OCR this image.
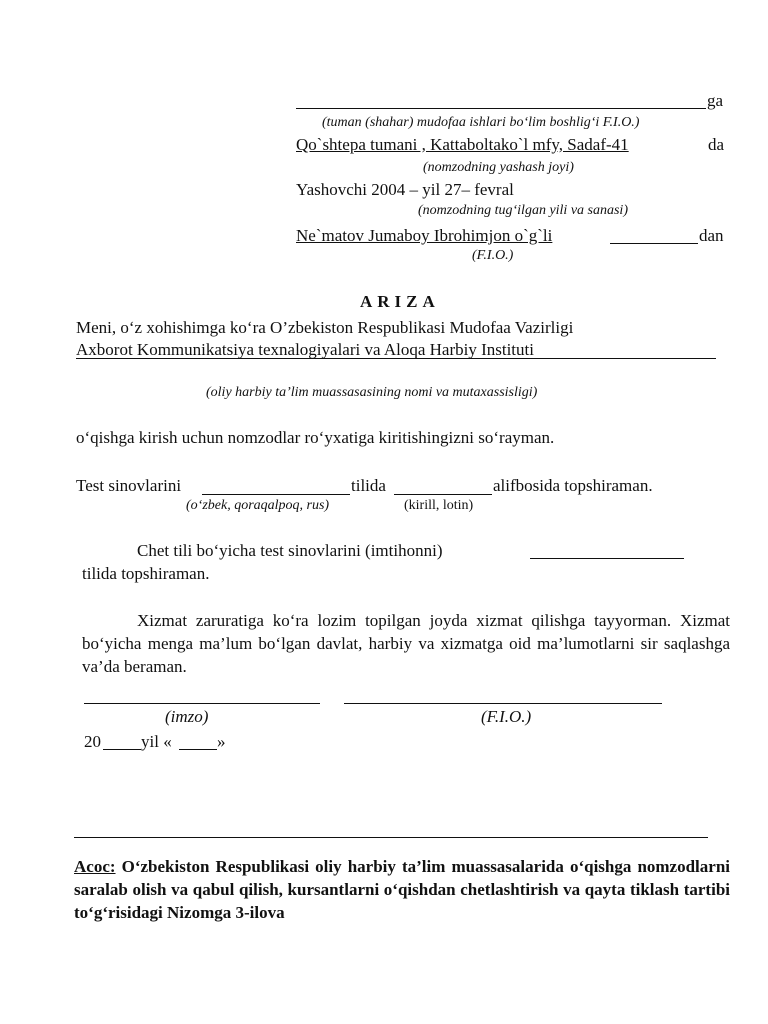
ga
(tuman (shahar) mudofaa ishlari bo‘lim boshlig‘i F.I.O.)
Qo`shtepa tumani , Kattaboltako`l mfy, Sadaf-41	da
(nomzodning yashash joyi)
Yashovchi 2004 – yil 27– fevral
(nomzodning tug‘ilgan yili va sanasi)
Ne`matov Jumaboy Ibrohimjon o`g`li	dan
(F.I.O.)
ARIZA
Meni, o‘z xohishimga ko‘ra O’zbekiston Respublikasi Mudofaa Vazirligi
Axborot Kommunikatsiya texnalogiyalari va Aloqa Harbiy Instituti
(oliy harbiy ta’lim muassasasining nomi va mutaxassisligi)
o‘qishga kirish uchun nomzodlar ro‘yxatiga kiritishingizni so‘rayman.
Test sinovlarini	tilida	alifbosida topshiraman.
(o‘zbek, qoraqalpoq, rus)	(kirill, lotin)
Chet tili bo‘yicha test sinovlarini (imtihonni)
tilida topshiraman.
Xizmat zaruratiga ko‘ra lozim topilgan joyda xizmat qilishga tayyorman. Xizmat bo‘yicha menga ma’lum bo‘lgan davlat, harbiy va xizmatga oid ma’lumotlarni sir saqlashga va’da beraman.
(imzo)	(F.I.O.)
20 yil «	»
Acoc: O‘zbekiston Respublikasi oliy harbiy ta’lim muassasalarida o‘qishga nomzodlarni saralab olish va qabul qilish, kursantlarni o‘qishdan chetlashtirish va qayta tiklash tartibi to‘g‘risidagi Nizomga 3-ilova
